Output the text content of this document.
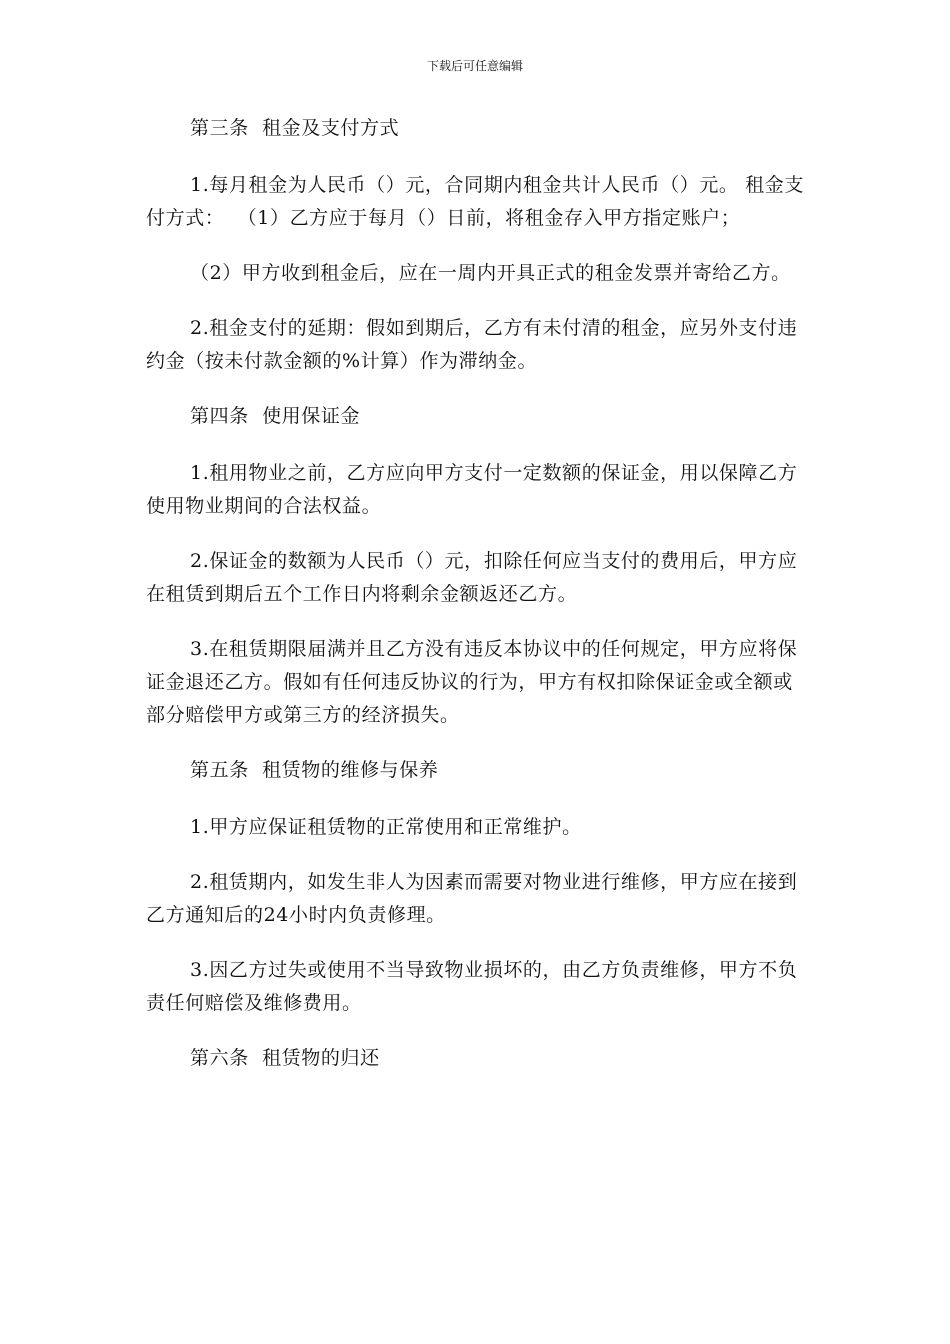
下载后可任意编辑

第三条  租金及支付方式

1.每月租金为人民币（）元，合同期内租金共计人民币（）元。 租金支付方式：  （1）乙方应于每月（）日前，将租金存入甲方指定账户；

（2）甲方收到租金后，应在一周内开具正式的租金发票并寄给乙方。

2.租金支付的延期：假如到期后，乙方有未付清的租金，应另外支付违约金（按未付款金额的%计算）作为滞纳金。

第四条  使用保证金

1.租用物业之前，乙方应向甲方支付一定数额的保证金，用以保障乙方使用物业期间的合法权益。

2.保证金的数额为人民币（）元，扣除任何应当支付的费用后，甲方应在租赁到期后五个工作日内将剩余金额返还乙方。

3.在租赁期限届满并且乙方没有违反本协议中的任何规定，甲方应将保证金退还乙方。假如有任何违反协议的行为，甲方有权扣除保证金或全额或部分赔偿甲方或第三方的经济损失。

第五条  租赁物的维修与保养

1.甲方应保证租赁物的正常使用和正常维护。

2.租赁期内，如发生非人为因素而需要对物业进行维修，甲方应在接到乙方通知后的24小时内负责修理。

3.因乙方过失或使用不当导致物业损坏的，由乙方负责维修，甲方不负责任何赔偿及维修费用。

第六条  租赁物的归还
